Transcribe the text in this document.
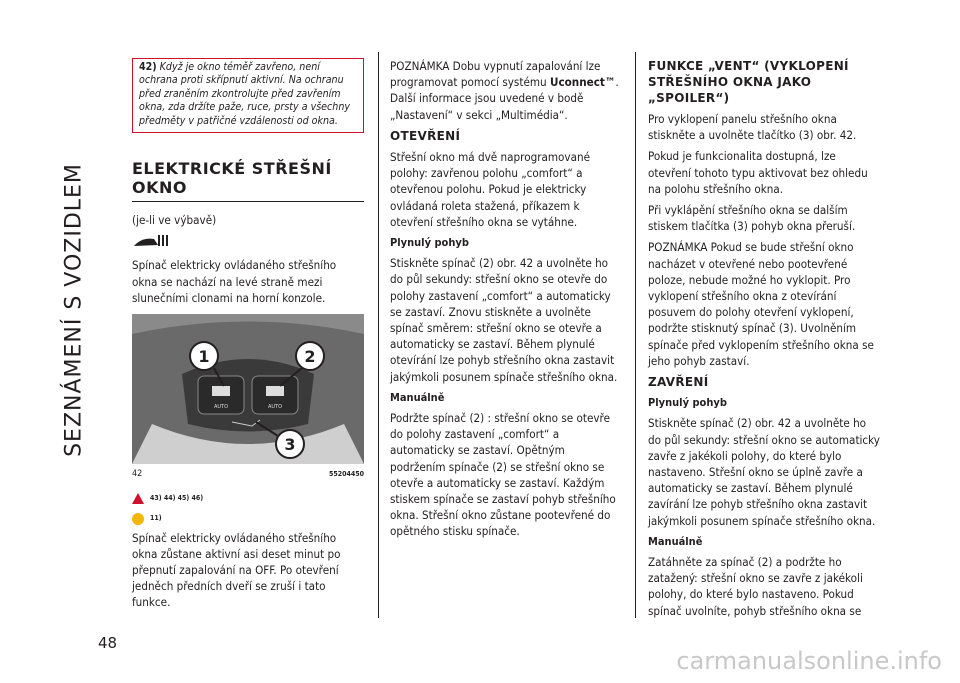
SEZNÁMENÍ S VOZIDLEM
48
42) Když je okno téměř zavřeno, není ochrana proti skřípnutí aktivní. Na ochranu před zraněním zkontrolujte před zavřením okna, zda držíte paže, ruce, prsty a všechny předměty v patřičné vzdálenosti od okna.
ELEKTRICKÉ STŘEŠNÍ
OKNO

(je-li ve výbavě)

Spínač elektricky ovládaného střešního okna se nachází na levé straně mezi slunečními clonami na horní konzole.

AUTO	AUTO
1	2
3
42	55204450
43) 44) 45) 46)
11)

Spínač elektricky ovládaného střešního okna zůstane aktivní asi deset minut po přepnutí zapalování na OFF. Po otevření jedněch předních dveří se zruší i tato funkce.

POZNÁMKA Dobu vypnutí zapalování lze programovat pomocí systému Uconnect™. Další informace jsou uvedené v bodě „Nastavení“ v sekci „Multimédia“.

OTEVŘENÍ

Střešní okno má dvě naprogramované polohy: zavřenou polohu „comfort“ a otevřenou polohu. Pokud je elektricky ovládaná roleta stažená, příkazem k otevření střešního okna se vytáhne.

Plynulý pohyb

Stiskněte spínač (2) obr. 42 a uvolněte ho do půl sekundy: střešní okno se otevře do polohy zastavení „comfort“ a automaticky se zastaví. Znovu stiskněte a uvolněte spínač směrem: střešní okno se otevře a automaticky se zastaví. Během plynulé otevírání lze pohyb střešního okna zastavit jakýmkoli posunem spínače střešního okna.

Manuálně

Podržte spínač (2) : střešní okno se otevře do polohy zastavení „comfort“ a automaticky se zastaví. Opětným podržením spínače (2) se střešní okno se otevře a automaticky se zastaví. Každým stiskem spínače se zastaví pohyb střešního okna. Střešní okno zůstane pootevřené do opětného stisku spínače.

FUNKCE „VENT“ (VYKLOPENÍ
STŘEŠNÍHO OKNA JAKO
„SPOILER“)

Pro vyklopení panelu střešního okna stiskněte a uvolněte tlačítko (3) obr. 42.

Pokud je funkcionalita dostupná, lze otevření tohoto typu aktivovat bez ohledu na polohu střešního okna.

Při vyklápění střešního okna se dalším stiskem tlačítka (3) pohyb okna přeruší.

POZNÁMKA Pokud se bude střešní okno nacházet v otevřené nebo pootevřené poloze, nebude možné ho vyklopit. Pro vyklopení střešního okna z otevírání posuvem do polohy otevření vyklopení, podržte stisknutý spínač (3). Uvolněním spínače před vyklopením střešního okna se jeho pohyb zastaví.

ZAVŘENÍ
Plynulý pohyb

Stiskněte spínač (2) obr. 42 a uvolněte ho do půl sekundy: střešní okno se automaticky zavře z jakékoli polohy, do které bylo nastaveno. Střešní okno se úplně zavře a automaticky se zastaví. Během plynulé zavírání lze pohyb střešního okna zastavit jakýmkoli posunem spínače střešního okna.

Manuálně

Zatáhněte za spínač (2) a podržte ho zatažený: střešní okno se zavře z jakékoli polohy, do které bylo nastaveno. Pokud spínač uvolníte, pohyb střešního okna se

carmanualsonline.info
